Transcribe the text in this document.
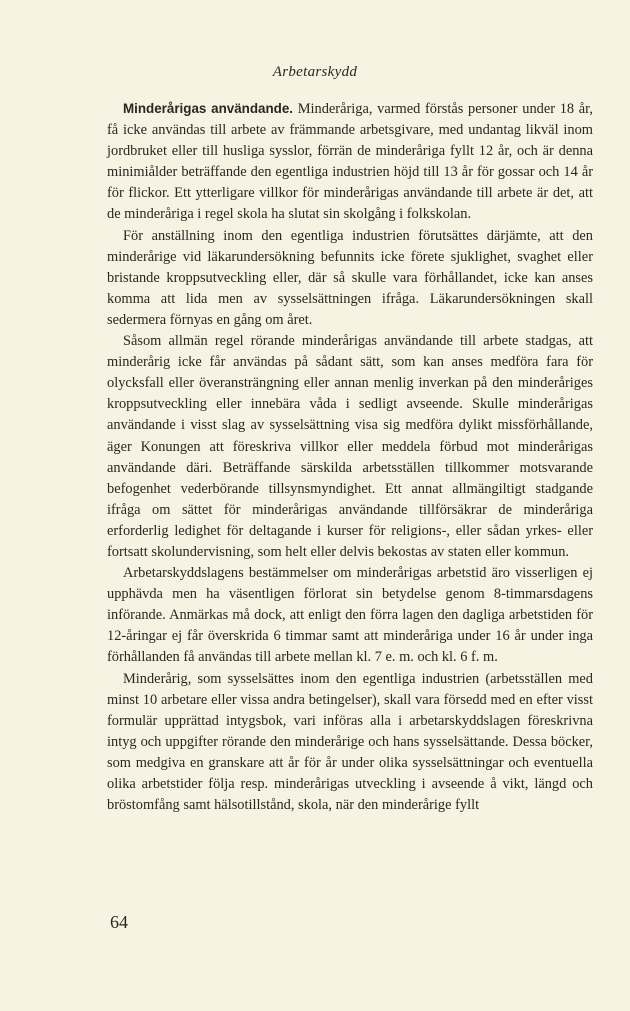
Arbetarskydd

Minderårigas användande. Minderåriga, varmed förstås personer under 18 år, få icke användas till arbete av främmande arbetsgivare, med undantag likväl inom jordbruket eller till husliga sysslor, förrän de minderåriga fyllt 12 år, och är denna minimiålder beträffande den egentliga industrien höjd till 13 år för gossar och 14 år för flickor. Ett ytterligare villkor för minderårigas användande till arbete är det, att de minderåriga i regel skola ha slutat sin skolgång i folkskolan.

För anställning inom den egentliga industrien förutsättes därjämte, att den minderårige vid läkarundersökning befunnits icke förete sjuklighet, svaghet eller bristande kroppsutveckling eller, där så skulle vara förhållandet, icke kan anses komma att lida men av sysselsättningen ifråga. Läkarundersökningen skall sedermera förnyas en gång om året.

Såsom allmän regel rörande minderårigas användande till arbete stadgas, att minderårig icke får användas på sådant sätt, som kan anses medföra fara för olycksfall eller överansträngning eller annan menlig inverkan på den minderåriges kroppsutveckling eller innebära våda i sedligt avseende. Skulle minderårigas användande i visst slag av sysselsättning visa sig medföra dylikt missförhållande, äger Konungen att föreskriva villkor eller meddela förbud mot minderårigas användande däri. Beträffande särskilda arbetsställen tillkommer motsvarande befogenhet vederbörande tillsynsmyndighet. Ett annat allmängiltigt stadgande ifråga om sättet för minderårigas användande tillförsäkrar de minderåriga erforderlig ledighet för deltagande i kurser för religions-, eller sådan yrkes- eller fortsatt skolundervisning, som helt eller delvis bekostas av staten eller kommun.

Arbetarskyddslagens bestämmelser om minderårigas arbetstid äro visserligen ej upphävda men ha väsentligen förlorat sin betydelse genom 8-timmarsdagens införande. Anmärkas må dock, att enligt den förra lagen den dagliga arbetstiden för 12-åringar ej får överskrida 6 timmar samt att minderåriga under 16 år under inga förhållanden få användas till arbete mellan kl. 7 e. m. och kl. 6 f. m.

Minderårig, som sysselsättes inom den egentliga industrien (arbetsställen med minst 10 arbetare eller vissa andra betingelser), skall vara försedd med en efter visst formulär upprättad intygsbok, vari införas alla i arbetarskyddslagen föreskrivna intyg och uppgifter rörande den minderårige och hans sysselsättande. Dessa böcker, som medgiva en granskare att år för år under olika sysselsättningar och eventuella olika arbetstider följa resp. minderårigas utveckling i avseende å vikt, längd och bröstomfång samt hälsotillstånd, skola, när den minderårige fyllt

64
